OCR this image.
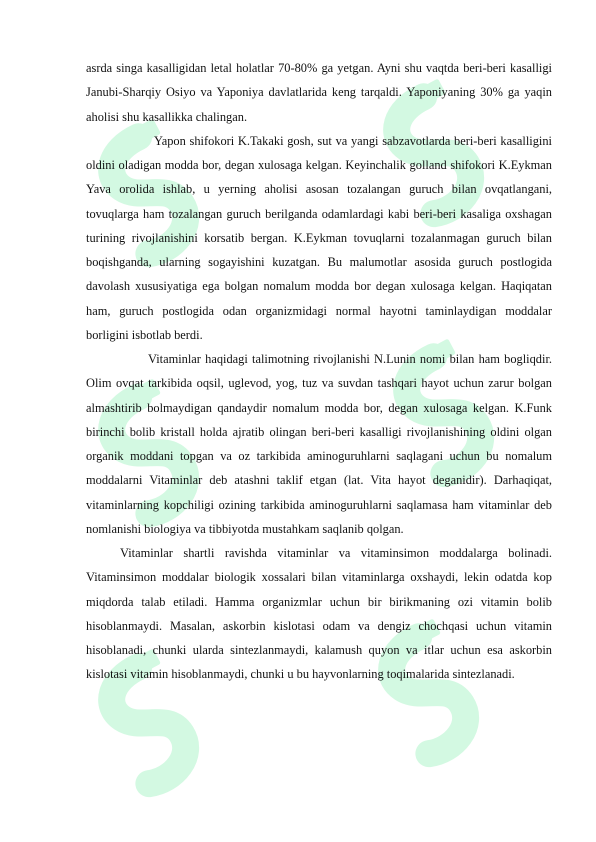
asrda singa kasalligidan letal holatlar 70-80% ga yetgan. Ayni shu vaqtda beri-beri kasalligi Janubi-Sharqiy Osiyo va Yaponiya davlatlarida keng tarqaldi. Yaponiyaning 30% ga yaqin aholisi shu kasallikka chalingan.

Yapon shifokori K.Takaki gosh, sut va yangi sabzavotlarda beri-beri kasalligini oldini oladigan modda bor, degan xulosaga kelgan. Keyinchalik golland shifokori K.Eykman Yava orolida ishlab, u yerning aholisi asosan tozalangan guruch bilan ovqatlangani, tovuqlarga ham tozalangan guruch berilganda odamlardagi kabi beri-beri kasaliga oxshagan turining rivojlanishini korsatib bergan. K.Eykman tovuqlarni tozalanmagan guruch bilan boqishganda, ularning sogayishini kuzatgan. Bu malumotlar asosida guruch postlogida davolash xususiyatiga ega bolgan nomalum modda bor degan xulosaga kelgan. Haqiqatan ham, guruch postlogida odan organizmidagi normal hayotni taminlaydigan moddalar borligini isbotlab berdi.

Vitaminlar haqidagi talimotning rivojlanishi N.Lunin nomi bilan ham bogliqdir. Olim ovqat tarkibida oqsil, uglevod, yog, tuz va suvdan tashqari hayot uchun zarur bolgan almashtirib bolmaydigan qandaydir nomalum modda bor, degan xulosaga kelgan. K.Funk birinchi bolib kristall holda ajratib olingan beri-beri kasalligi rivojlanishining oldini olgan organik moddani topgan va oz tarkibida aminoguruhlarni saqlagani uchun bu nomalum moddalarni Vitaminlar deb atashni taklif etgan (lat. Vita hayot deganidir). Darhaqiqat, vitaminlarning kopchiligi ozining tarkibida aminoguruhlarni saqlamasa ham vitaminlar deb nomlanishi biologiya va tibbiyotda mustahkam saqlanib qolgan.

Vitaminlar shartli ravishda vitaminlar va vitaminsimon moddalarga bolinadi. Vitaminsimon moddalar biologik xossalari bilan vitaminlarga oxshaydi, lekin odatda kop miqdorda talab etiladi. Hamma organizmlar uchun bir birikmaning ozi vitamin bolib hisoblanmaydi. Masalan, askorbin kislotasi odam va dengiz chochqasi uchun vitamin hisoblanadi, chunki ularda sintezlanmaydi, kalamush quyon va itlar uchun esa askorbin kislotasi vitamin hisoblanmaydi, chunki u bu hayvonlarning toqimalarida sintezlanadi.
